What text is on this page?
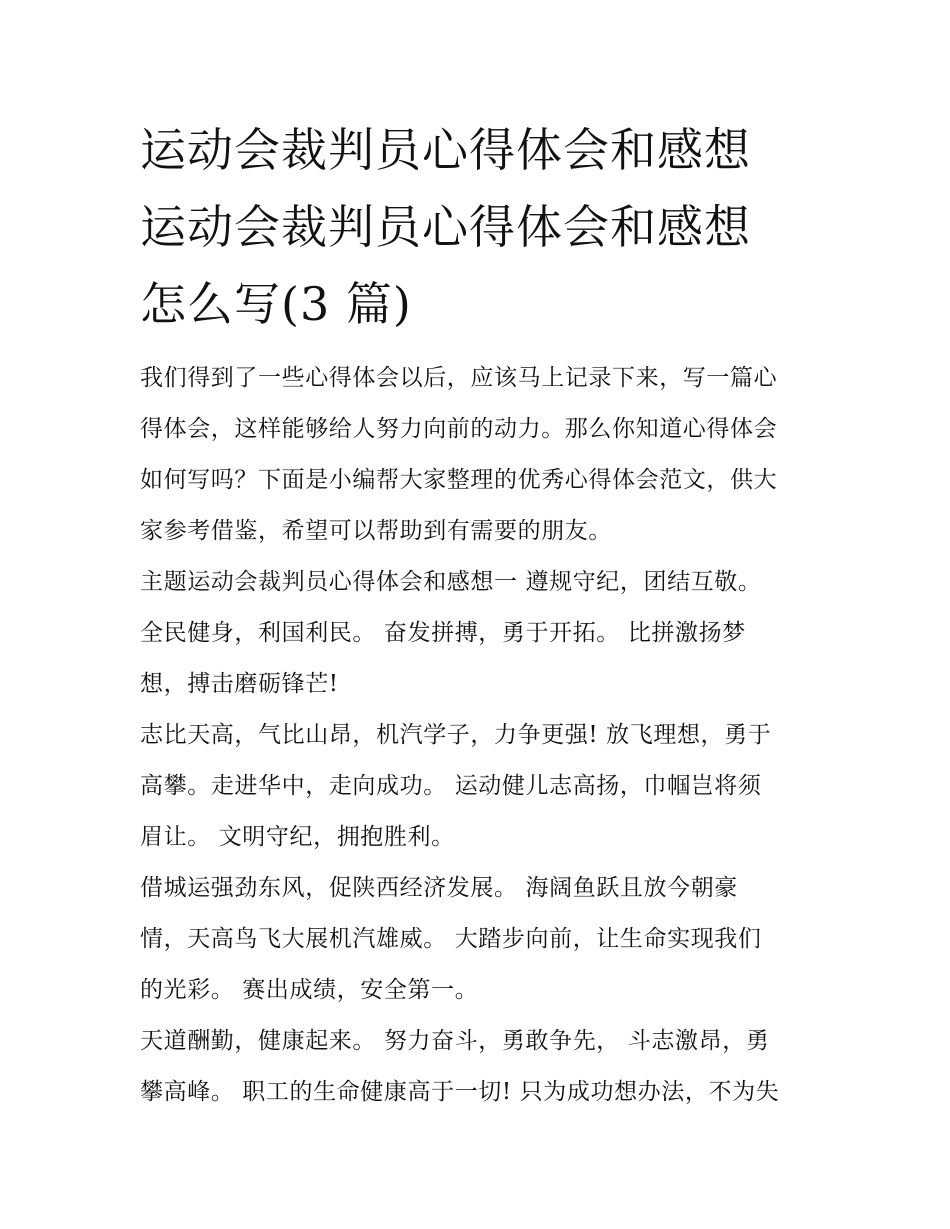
运动会裁判员心得体会和感想
运动会裁判员心得体会和感想
怎么写(3 篇)

我们得到了一些心得体会以后，应该马上记录下来，写一篇心
得体会，这样能够给人努力向前的动力。那么你知道心得体会
如何写吗？下面是小编帮大家整理的优秀心得体会范文，供大
家参考借鉴，希望可以帮助到有需要的朋友。

主题运动会裁判员心得体会和感想一 遵规守纪，团结互敬。
全民健身，利国利民。 奋发拼搏，勇于开拓。 比拼激扬梦
想，搏击磨砺锋芒!

志比天高，气比山昂，机汽学子，力争更强! 放飞理想，勇于
高攀。走进华中，走向成功。 运动健儿志高扬，巾帼岂将须
眉让。 文明守纪，拥抱胜利。

借城运强劲东风，促陕西经济发展。 海阔鱼跃且放今朝豪
情，天高鸟飞大展机汽雄威。 大踏步向前，让生命实现我们
的光彩。 赛出成绩，安全第一。

天道酬勤，健康起来。 努力奋斗，勇敢争先， 斗志激昂，勇
攀高峰。 职工的生命健康高于一切! 只为成功想办法，不为失
